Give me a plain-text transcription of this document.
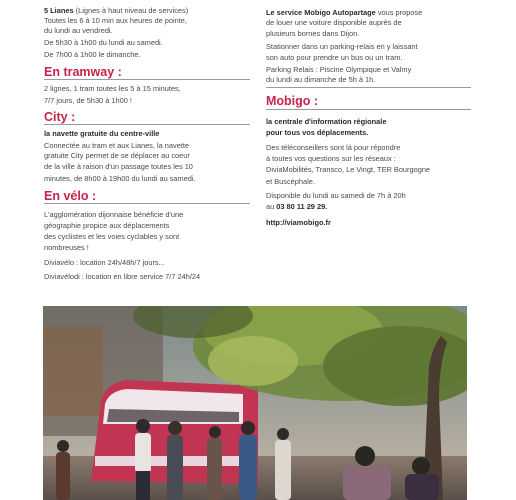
5 Lianes (Lignes à haut niveau de services)
Toutes les 6 à 10 min aux heures de pointe,
du lundi au vendredi.
De 5h30 à 1h00 du lundi au samedi.
De 7h00 à 1h00 le dimanche.
En tramway :
2 lignes, 1 tram toutes les 5 à 15 minutes,
7/7 jours, de 5h30 à 1h00 !
City :
la navette gratuite du centre-ville
Connectée au tram et aux Lianes, la navette
gratuite City permet de se déplacer au coeur
de la ville à raison d'un passage toutes les 10
minutes, de 8h00 à 19h00 du lundi au samedi.
En vélo :
L'agglomération dijonnaise bénéficie d'une
géographie propice aux déplacements
des cyclistes et les voies cyclables y sont
nombreuses !
Diviavélo : location 24h/48h/7 jours...
Diviavélodi : location en libre service 7/7 24h/24
Le service Mobigo Autopartage vous propose
de louer une voiture disponible auprès de
plusieurs bornes dans Dijon.
Stationner dans un parking-relais en y laissant
son auto pour prendre un bus ou un tram.
Parking Relais : Piscine Olympique et Valmy
du lundi au dimanche de 5h à 1h.
Mobigo :
la centrale d'information régionale
pour tous vos déplacements.
Des téléconseillers sont là pour répondre
à toutes vos questions sur les réseaux :
DiviaMobilités, Transco, Le Vingt, TER Bourgogne
et Buscéphale.
Disponible du lundi au samedi de 7h à 20h
au 03 80 11 29 29.
http://viamobigo.fr
